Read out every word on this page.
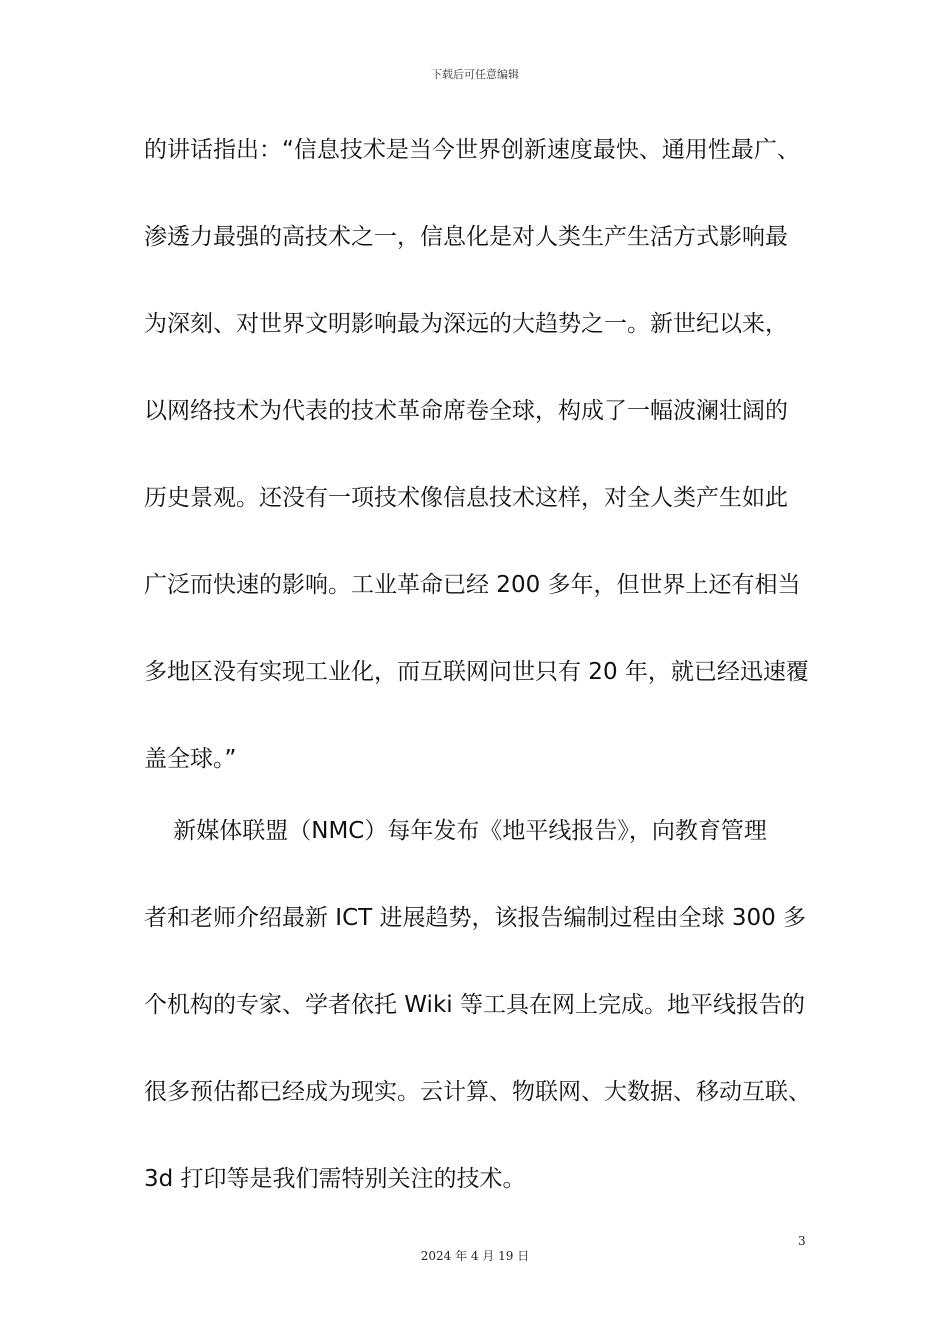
下载后可任意编辑
的讲话指出：“信息技术是当今世界创新速度最快、通用性最广、
渗透力最强的高技术之一，信息化是对人类生产生活方式影响最
为深刻、对世界文明影响最为深远的大趋势之一。新世纪以来，
以网络技术为代表的技术革命席卷全球，构成了一幅波澜壮阔的
历史景观。还没有一项技术像信息技术这样，对全人类产生如此
广泛而快速的影响。工业革命已经 200 多年，但世界上还有相当
多地区没有实现工业化，而互联网问世只有 20 年，就已经迅速覆
盖全球。”
新媒体联盟（NMC）每年发布《地平线报告》，向教育管理
者和老师介绍最新 ICT 进展趋势，该报告编制过程由全球 300 多
个机构的专家、学者依托 Wiki 等工具在网上完成。地平线报告的
很多预估都已经成为现实。云计算、物联网、大数据、移动互联、
3d 打印等是我们需特别关注的技术。
3
2024 年 4 月 19 日
